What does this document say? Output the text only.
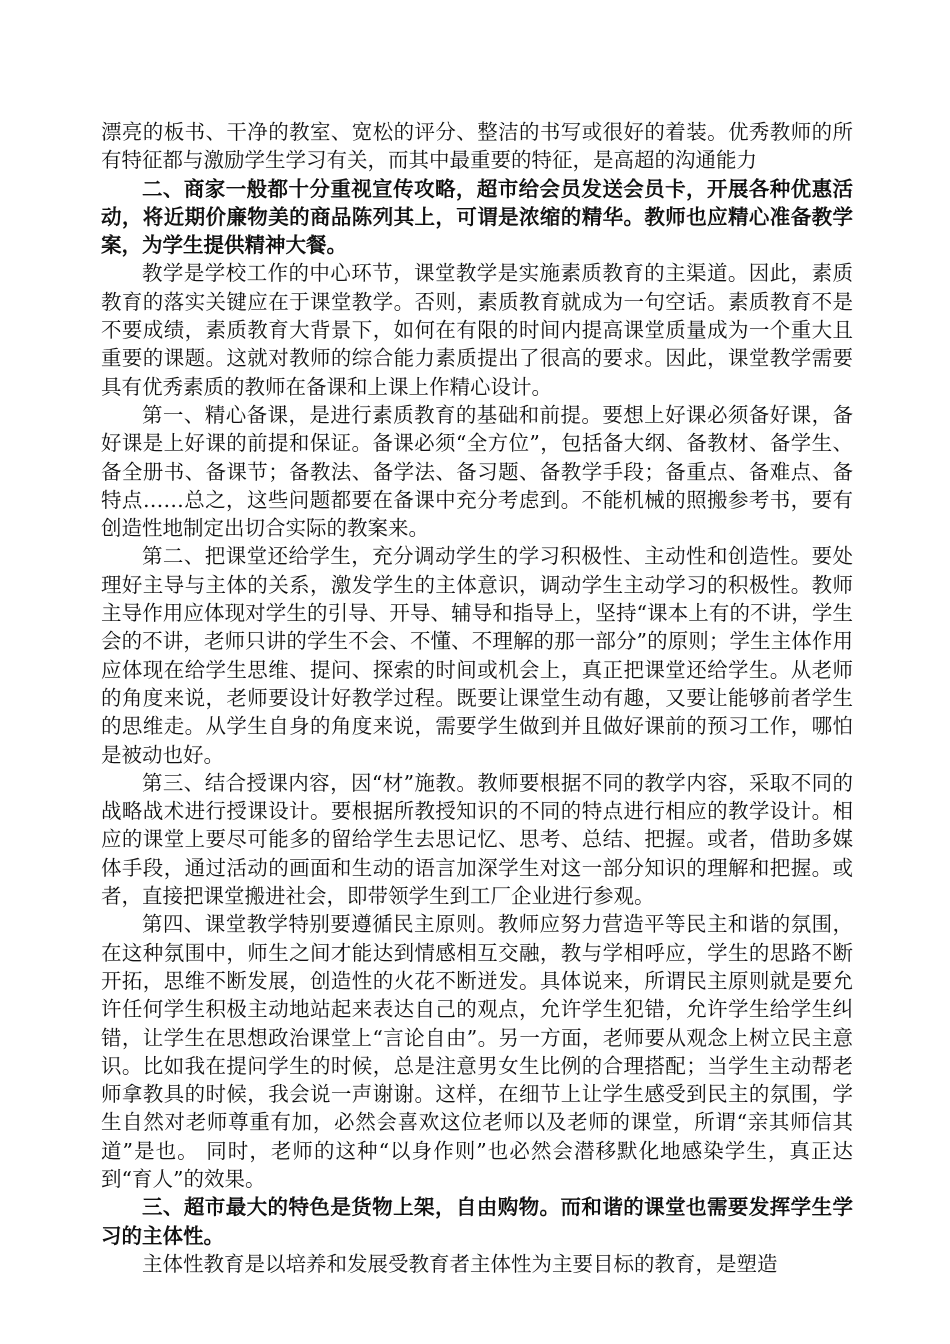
漂亮的板书、干净的教室、宽松的评分、整洁的书写或很好的着装。优秀教师的所有特征都与激励学生学习有关，而其中最重要的特征，是高超的沟通能力

二、商家一般都十分重视宣传攻略，超市给会员发送会员卡，开展各种优惠活动，将近期价廉物美的商品陈列其上，可谓是浓缩的精华。教师也应精心准备教学案，为学生提供精神大餐。

教学是学校工作的中心环节，课堂教学是实施素质教育的主渠道。因此，素质教育的落实关键应在于课堂教学。否则，素质教育就成为一句空话。素质教育不是不要成绩，素质教育大背景下，如何在有限的时间内提高课堂质量成为一个重大且重要的课题。这就对教师的综合能力素质提出了很高的要求。因此，课堂教学需要具有优秀素质的教师在备课和上课上作精心设计。

第一、精心备课，是进行素质教育的基础和前提。要想上好课必须备好课，备好课是上好课的前提和保证。备课必须“全方位”，包括备大纲、备教材、备学生、备全册书、备课节；备教法、备学法、备习题、备教学手段；备重点、备难点、备特点……总之，这些问题都要在备课中充分考虑到。不能机械的照搬参考书，要有创造性地制定出切合实际的教案来。

第二、把课堂还给学生，充分调动学生的学习积极性、主动性和创造性。要处理好主导与主体的关系，激发学生的主体意识，调动学生主动学习的积极性。教师主导作用应体现对学生的引导、开导、辅导和指导上，坚持“课本上有的不讲，学生会的不讲，老师只讲的学生不会、不懂、不理解的那一部分”的原则；学生主体作用应体现在给学生思维、提问、探索的时间或机会上，真正把课堂还给学生。从老师的角度来说，老师要设计好教学过程。既要让课堂生动有趣，又要让能够前者学生的思维走。从学生自身的角度来说，需要学生做到并且做好课前的预习工作，哪怕是被动也好。

第三、结合授课内容，因“材”施教。教师要根据不同的教学内容，采取不同的战略战术进行授课设计。要根据所教授知识的不同的特点进行相应的教学设计。相应的课堂上要尽可能多的留给学生去思记忆、思考、总结、把握。或者，借助多媒体手段，通过活动的画面和生动的语言加深学生对这一部分知识的理解和把握。或者，直接把课堂搬进社会，即带领学生到工厂企业进行参观。

第四、课堂教学特别要遵循民主原则。教师应努力营造平等民主和谐的氛围，在这种氛围中，师生之间才能达到情感相互交融，教与学相呼应，学生的思路不断开拓，思维不断发展，创造性的火花不断迸发。具体说来，所谓民主原则就是要允许任何学生积极主动地站起来表达自己的观点，允许学生犯错，允许学生给学生纠错，让学生在思想政治课堂上“言论自由”。另一方面，老师要从观念上树立民主意识。比如我在提问学生的时候，总是注意男女生比例的合理搭配；当学生主动帮老师拿教具的时候，我会说一声谢谢。这样，在细节上让学生感受到民主的氛围，学生自然对老师尊重有加，必然会喜欢这位老师以及老师的课堂，所谓“亲其师信其道”是也。 同时，老师的这种“以身作则”也必然会潜移默化地感染学生，真正达到“育人”的效果。

三、超市最大的特色是货物上架，自由购物。而和谐的课堂也需要发挥学生学习的主体性。

主体性教育是以培养和发展受教育者主体性为主要目标的教育，是塑造
